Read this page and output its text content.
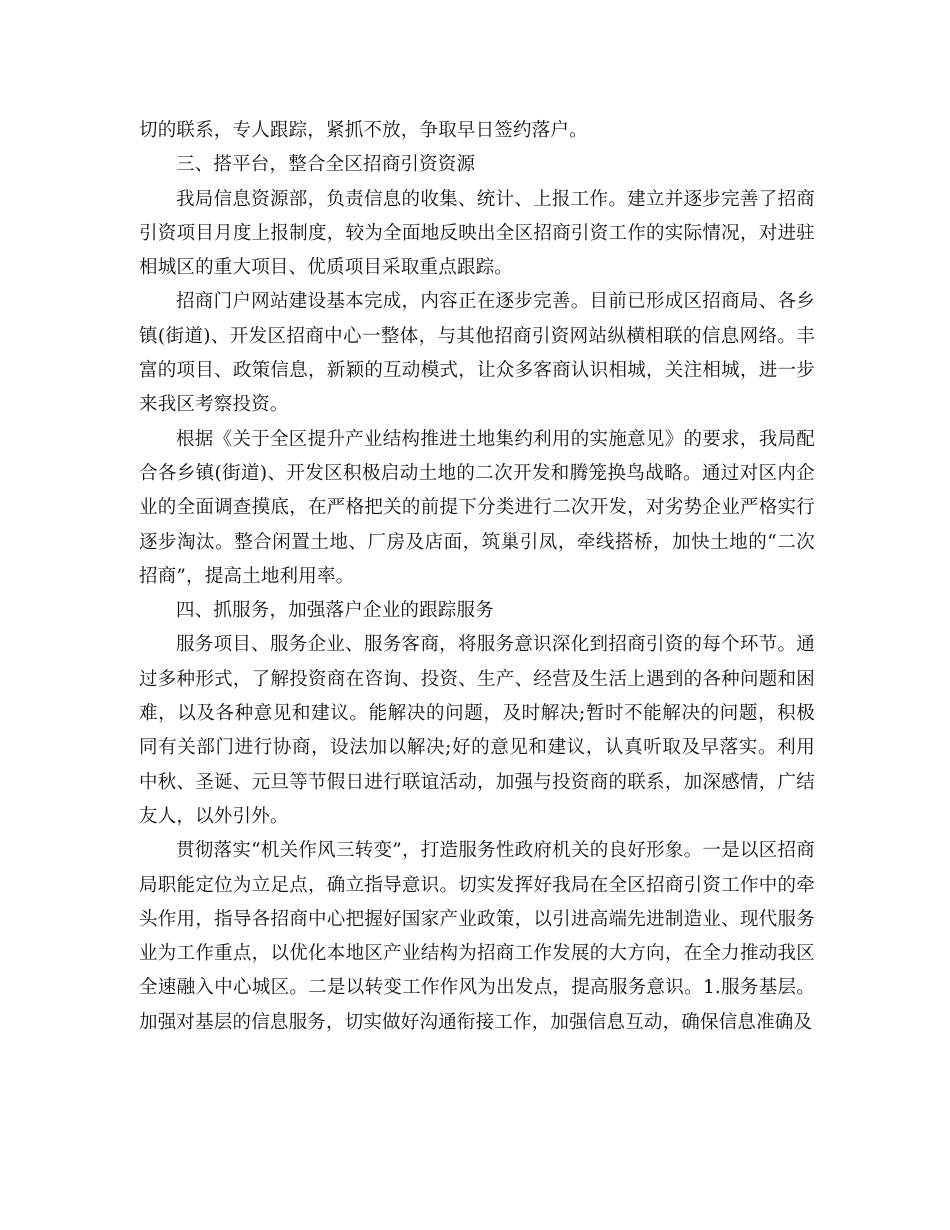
切的联系，专人跟踪，紧抓不放，争取早日签约落户。

三、搭平台，整合全区招商引资资源

我局信息资源部，负责信息的收集、统计、上报工作。建立并逐步完善了招商引资项目月度上报制度，较为全面地反映出全区招商引资工作的实际情况，对进驻相城区的重大项目、优质项目采取重点跟踪。

招商门户网站建设基本完成，内容正在逐步完善。目前已形成区招商局、各乡镇(街道)、开发区招商中心一整体，与其他招商引资网站纵横相联的信息网络。丰富的项目、政策信息，新颖的互动模式，让众多客商认识相城，关注相城，进一步来我区考察投资。

根据《关于全区提升产业结构推进土地集约利用的实施意见》的要求，我局配合各乡镇(街道)、开发区积极启动土地的二次开发和腾笼换鸟战略。通过对区内企业的全面调查摸底，在严格把关的前提下分类进行二次开发，对劣势企业严格实行逐步淘汰。整合闲置土地、厂房及店面，筑巢引凤，牵线搭桥，加快土地的“二次招商”，提高土地利用率。

四、抓服务，加强落户企业的跟踪服务

服务项目、服务企业、服务客商，将服务意识深化到招商引资的每个环节。通过多种形式，了解投资商在咨询、投资、生产、经营及生活上遇到的各种问题和困难，以及各种意见和建议。能解决的问题，及时解决;暂时不能解决的问题，积极同有关部门进行协商，设法加以解决;好的意见和建议，认真听取及早落实。利用中秋、圣诞、元旦等节假日进行联谊活动，加强与投资商的联系，加深感情，广结友人，以外引外。

贯彻落实“机关作风三转变”，打造服务性政府机关的良好形象。一是以区招商局职能定位为立足点，确立指导意识。切实发挥好我局在全区招商引资工作中的牵头作用，指导各招商中心把握好国家产业政策，以引进高端先进制造业、现代服务业为工作重点，以优化本地区产业结构为招商工作发展的大方向，在全力推动我区全速融入中心城区。二是以转变工作作风为出发点，提高服务意识。1.服务基层。加强对基层的信息服务，切实做好沟通衔接工作，加强信息互动，确保信息准确及
